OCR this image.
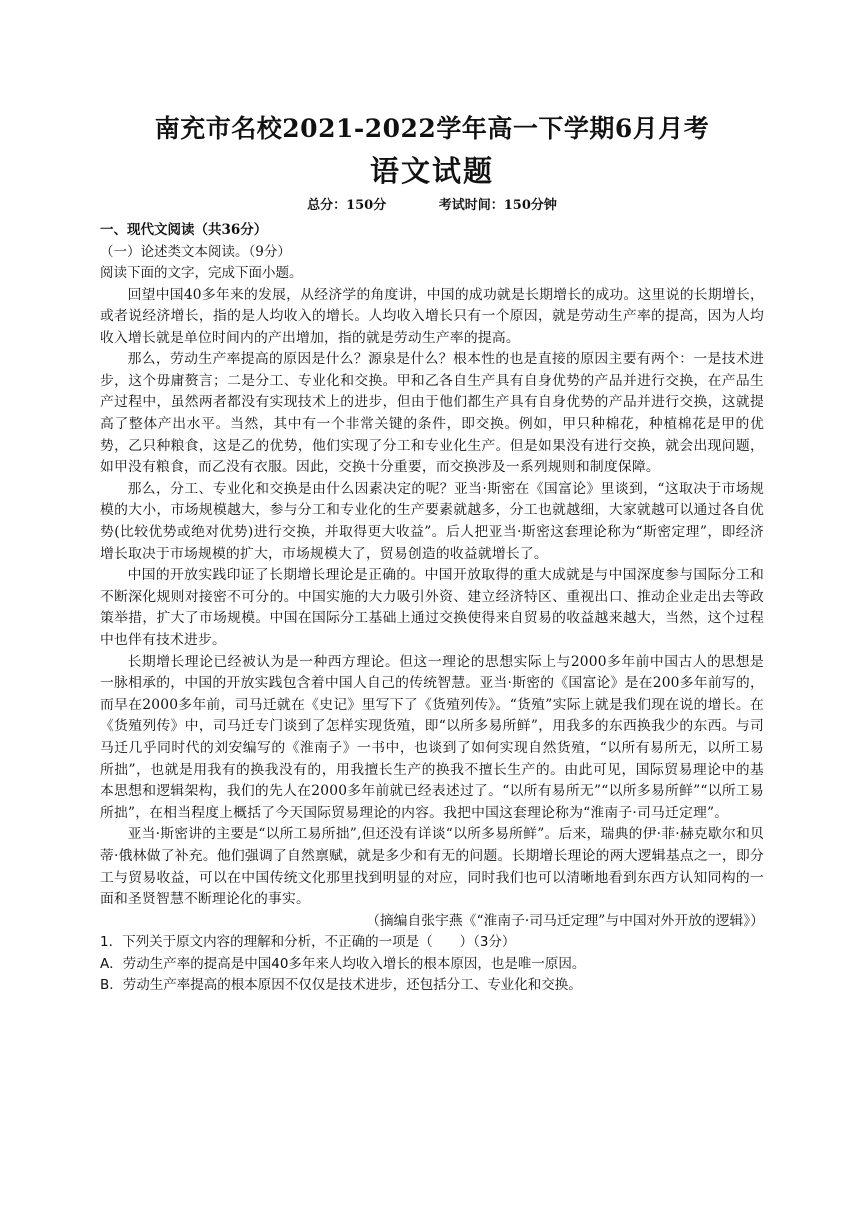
南充市名校2021-2022学年高一下学期6月月考
语文试题
总分：150分	考试时间：150分钟

一、现代文阅读（共36分）

（一）论述类文本阅读。（9分）

阅读下面的文字，完成下面小题。

回望中国40多年来的发展，从经济学的角度讲，中国的成功就是长期增长的成功。这里说的长期增长，或者说经济增长，指的是人均收入的增长。人均收入增长只有一个原因，就是劳动生产率的提高，因为人均收入增长就是单位时间内的产出增加，指的就是劳动生产率的提高。

那么，劳动生产率提高的原因是什么？源泉是什么？根本性的也是直接的原因主要有两个：一是技术进步，这个毋庸赘言；二是分工、专业化和交换。甲和乙各自生产具有自身优势的产品并进行交换，在产品生产过程中，虽然两者都没有实现技术上的进步，但由于他们都生产具有自身优势的产品并进行交换，这就提高了整体产出水平。当然，其中有一个非常关键的条件，即交换。例如，甲只种棉花，种植棉花是甲的优势，乙只种粮食，这是乙的优势，他们实现了分工和专业化生产。但是如果没有进行交换，就会出现问题，如甲没有粮食，而乙没有衣服。因此，交换十分重要，而交换涉及一系列规则和制度保障。

那么，分工、专业化和交换是由什么因素决定的呢？亚当·斯密在《国富论》里谈到，“这取决于市场规模的大小，市场规模越大，参与分工和专业化的生产要素就越多，分工也就越细，大家就越可以通过各自优势(比较优势或绝对优势)进行交换，并取得更大收益”。后人把亚当·斯密这套理论称为“斯密定理”，即经济增长取决于市场规模的扩大，市场规模大了，贸易创造的收益就增长了。

中国的开放实践印证了长期增长理论是正确的。中国开放取得的重大成就是与中国深度参与国际分工和不断深化规则对接密不可分的。中国实施的大力吸引外资、建立经济特区、重视出口、推动企业走出去等政策举措，扩大了市场规模。中国在国际分工基础上通过交换使得来自贸易的收益越来越大，当然，这个过程中也伴有技术进步。

长期增长理论已经被认为是一种西方理论。但这一理论的思想实际上与2000多年前中国古人的思想是一脉相承的，中国的开放实践包含着中国人自己的传统智慧。亚当·斯密的《国富论》是在200多年前写的，而早在2000多年前，司马迁就在《史记》里写下了《货殖列传》。“货殖”实际上就是我们现在说的增长。在《货殖列传》中，司马迁专门谈到了怎样实现货殖，即“以所多易所鲜”，用我多的东西换我少的东西。与司马迁几乎同时代的刘安编写的《淮南子》一书中，也谈到了如何实现自然货殖，“以所有易所无，以所工易所拙”，也就是用我有的换我没有的，用我擅长生产的换我不擅长生产的。由此可见，国际贸易理论中的基本思想和逻辑架构，我们的先人在2000多年前就已经表述过了。“以所有易所无”“以所多易所鲜”“以所工易所拙”，在相当程度上概括了今天国际贸易理论的内容。我把中国这套理论称为“淮南子·司马迁定理”。

亚当·斯密讲的主要是“以所工易所拙”,但还没有详谈“以所多易所鲜”。后来，瑞典的伊·菲·赫克歇尔和贝蒂·俄林做了补充。他们强调了自然禀赋，就是多少和有无的问题。长期增长理论的两大逻辑基点之一，即分工与贸易收益，可以在中国传统文化那里找到明显的对应，同时我们也可以清晰地看到东西方认知同构的一面和圣贤智慧不断理论化的事实。

（摘编自张宇燕《“淮南子·司马迁定理”与中国对外开放的逻辑》）

1．下列关于原文内容的理解和分析，不正确的一项是（　　）（3分）

A．劳动生产率的提高是中国40多年来人均收入增长的根本原因，也是唯一原因。

B．劳动生产率提高的根本原因不仅仅是技术进步，还包括分工、专业化和交换。
